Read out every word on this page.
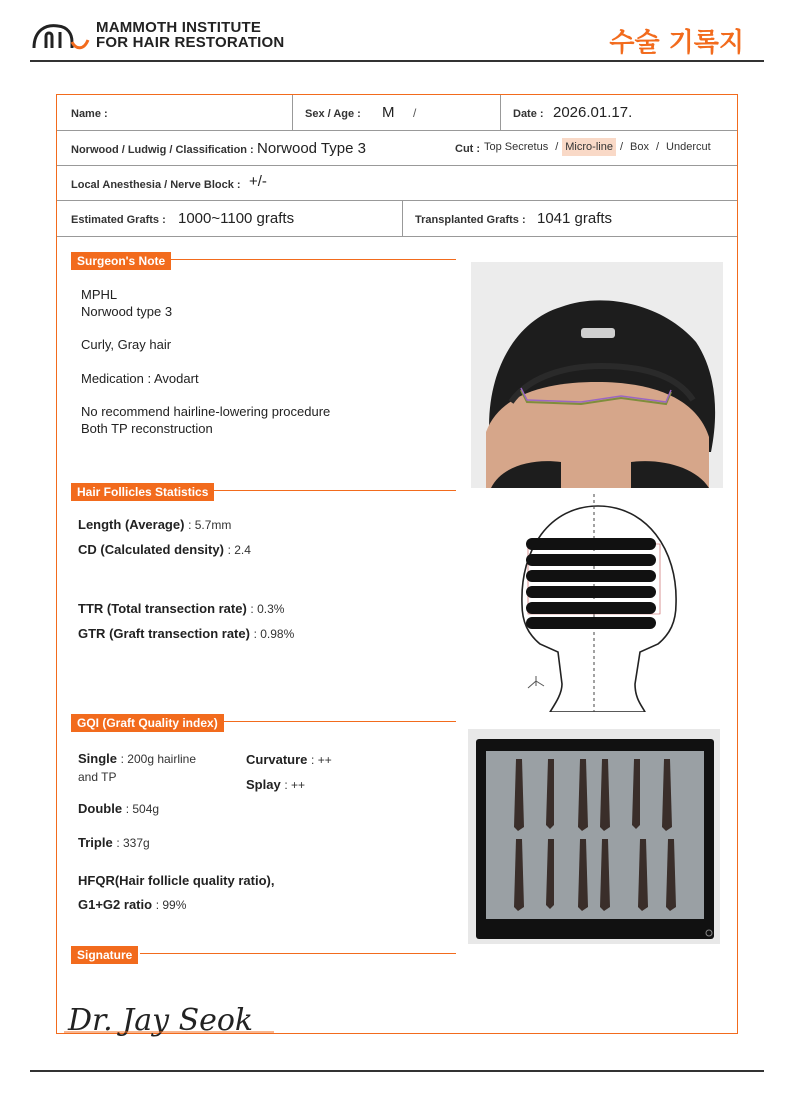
MAMMOTH INSTITUTE
FOR HAIR RESTORATION	수술 기록지
Name :	Sex / Age : M /	Date : 2026.01.17.
Norwood / Ludwig / Classification : Norwood Type 3	Cut : Top Secretus / Micro-line / Box / Undercut
Local Anesthesia / Nerve Block : +/-
Estimated Grafts : 1000~1100 grafts	Transplanted Grafts : 1041 grafts
Surgeon's Note
MPHL
Norwood type 3
Curly, Gray hair
Medication : Avodart
No recommend hairline-lowering procedure
Both TP reconstruction
Hair Follicles Statistics
Length (Average) : 5.7mm
CD (Calculated density) : 2.4
TTR (Total transection rate) : 0.3%
GTR (Graft transection rate) : 0.98%
GQI (Graft Quality index)
Single : 200g hairline
and TP
Double : 504g
Triple : 337g
Curvature : ++
Splay : ++
HFQR(Hair follicle quality ratio),
G1+G2 ratio : 99%
Signature
Dr. Jay Seok
